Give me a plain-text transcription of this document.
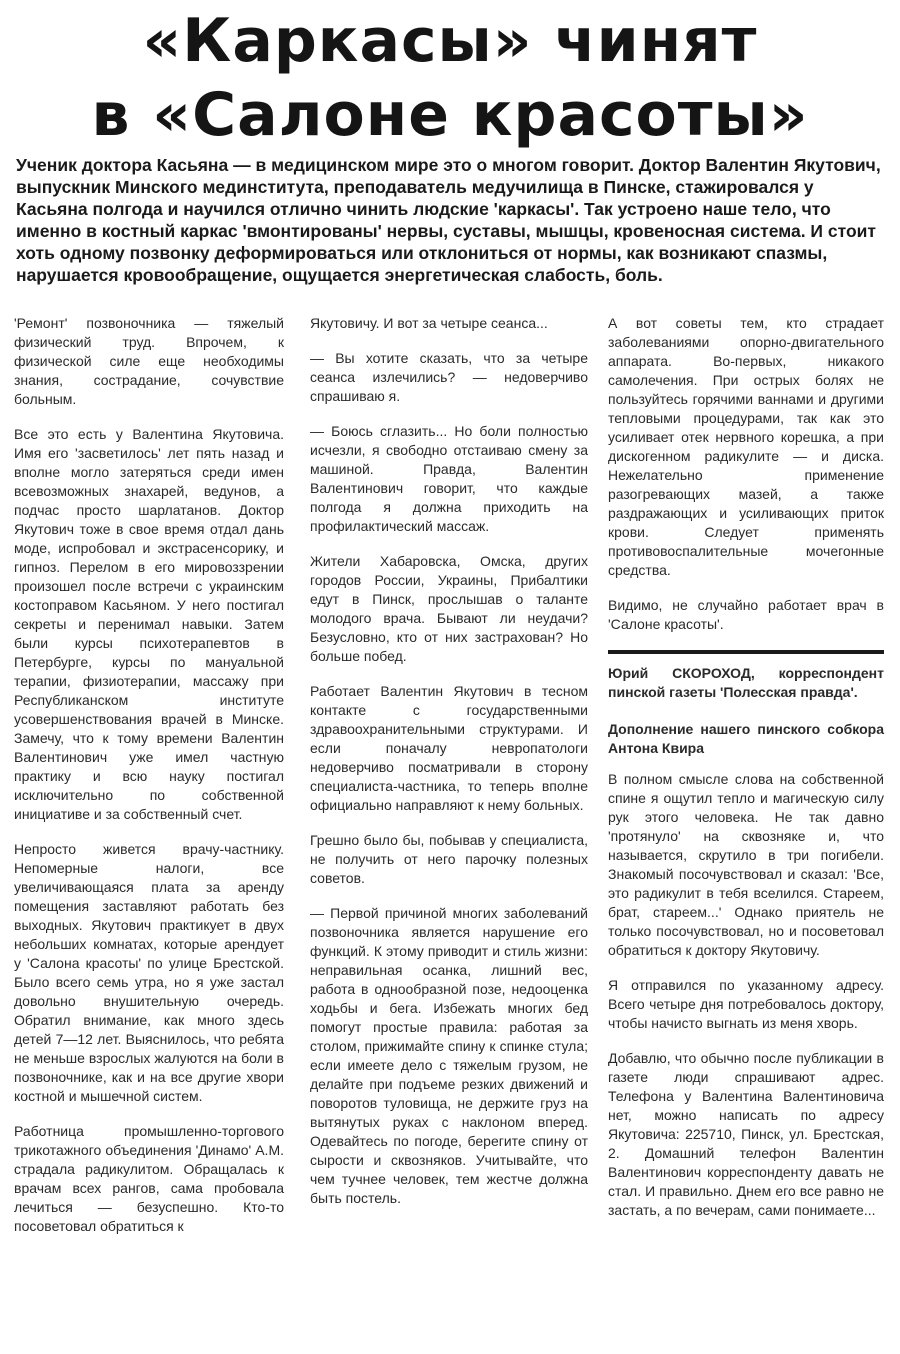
«Каркасы» чинят
в «Салоне красоты»

Ученик доктора Касьяна — в медицинском мире это о многом говорит. Доктор Валентин Якутович, выпускник Минского мединститута, преподаватель медучилища в Пинске, стажировался у Касьяна полгода и научился отлично чинить людские 'каркасы'. Так устроено наше тело, что именно в костный каркас 'вмонтированы' нервы, суставы, мышцы, кровеносная система. И стоит хоть одному позвонку деформироваться или отклониться от нормы, как возникают спазмы, нарушается кровообращение, ощущается энергетическая слабость, боль.

'Ремонт' позвоночника — тяжелый физический труд. Впрочем, к физической силе еще необходимы знания, сострадание, сочувствие больным.

Все это есть у Валентина Якутовича. Имя его 'засветилось' лет пять назад и вполне могло затеряться среди имен всевозможных знахарей, ведунов, а подчас просто шарлатанов. Доктор Якутович тоже в свое время отдал дань моде, испробовал и экстрасенсорику, и гипноз. Перелом в его мировоззрении произошел после встречи с украинским костоправом Касьяном. У него постигал секреты и перенимал навыки. Затем были курсы психотерапевтов в Петербурге, курсы по мануальной терапии, физиотерапии, массажу при Республиканском институте усовершенствования врачей в Минске. Замечу, что к тому времени Валентин Валентинович уже имел частную практику и всю науку постигал исключительно по собственной инициативе и за собственный счет.

Непросто живется врачу-частнику. Непомерные налоги, все увеличивающаяся плата за аренду помещения заставляют работать без выходных. Якутович практикует в двух небольших комнатах, которые арендует у 'Салона красоты' по улице Брестской. Было всего семь утра, но я уже застал довольно внушительную очередь. Обратил внимание, как много здесь детей 7—12 лет. Выяснилось, что ребята не меньше взрослых жалуются на боли в позвоночнике, как и на все другие хвори костной и мышечной систем.

Работница промышленно-торгового трикотажного объединения 'Динамо' А.М. страдала радикулитом. Обращалась к врачам всех рангов, сама пробовала лечиться — безуспешно. Кто-то посоветовал обратиться к

Якутовичу. И вот за четыре сеанса...

— Вы хотите сказать, что за четыре сеанса излечились? — недоверчиво спрашиваю я.

— Боюсь сглазить... Но боли полностью исчезли, я свободно отстаиваю смену за машиной. Правда, Валентин Валентинович говорит, что каждые полгода я должна приходить на профилактический массаж.

Жители Хабаровска, Омска, других городов России, Украины, Прибалтики едут в Пинск, прослышав о таланте молодого врача. Бывают ли неудачи? Безусловно, кто от них застрахован? Но больше побед.

Работает Валентин Якутович в тесном контакте с государственными здравоохранительными структурами. И если поначалу невропатологи недоверчиво посматривали в сторону специалиста-частника, то теперь вполне официально направляют к нему больных.

Грешно было бы, побывав у специалиста, не получить от него парочку полезных советов.

— Первой причиной многих заболеваний позвоночника является нарушение его функций. К этому приводит и стиль жизни: неправильная осанка, лишний вес, работа в однообразной позе, недооценка ходьбы и бега. Избежать многих бед помогут простые правила: работая за столом, прижимайте спину к спинке стула; если имеете дело с тяжелым грузом, не делайте при подъеме резких движений и поворотов туловища, не держите груз на вытянутых руках с наклоном вперед. Одевайтесь по погоде, берегите спину от сырости и сквозняков. Учитывайте, что чем тучнее человек, тем жестче должна быть постель.

А вот советы тем, кто страдает заболеваниями опорно-двигательного аппарата. Во-первых, никакого самолечения. При острых болях не пользуйтесь горячими ваннами и другими тепловыми процедурами, так как это усиливает отек нервного корешка, а при дискогенном радикулите — и диска. Нежелательно применение разогревающих мазей, а также раздражающих и усиливающих приток крови. Следует применять противовоспалительные мочегонные средства.

Видимо, не случайно работает врач в 'Салоне красоты'.

Юрий СКОРОХОД, корреспондент пинской газеты 'Полесская правда'.

Дополнение нашего пинского собкора Антона Квира

В полном смысле слова на собственной спине я ощутил тепло и магическую силу рук этого человека. Не так давно 'протянуло' на сквозняке и, что называется, скрутило в три погибели. Знакомый посочувствовал и сказал: 'Все, это радикулит в тебя вселился. Стареем, брат, стареем...' Однако приятель не только посочувствовал, но и посоветовал обратиться к доктору Якутовичу.

Я отправился по указанному адресу. Всего четыре дня потребовалось доктору, чтобы начисто выгнать из меня хворь.

Добавлю, что обычно после публикации в газете люди спрашивают адрес. Телефона у Валентина Валентиновича нет, можно написать по адресу Якутовича: 225710, Пинск, ул. Брестская, 2. Домашний телефон Валентин Валентинович корреспонденту давать не стал. И правильно. Днем его все равно не застать, а по вечерам, сами понимаете...
